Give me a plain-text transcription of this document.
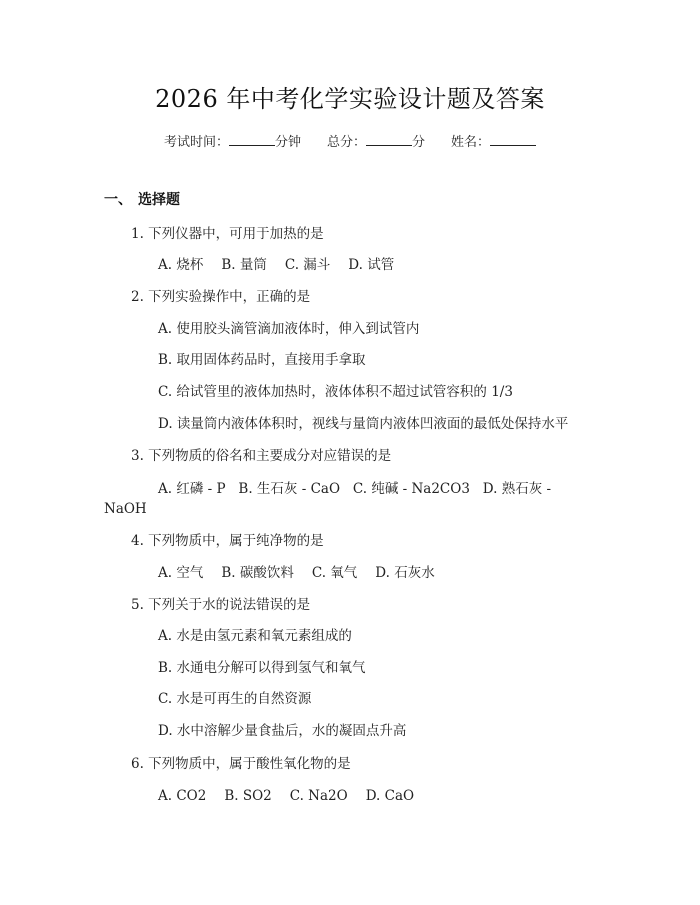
2026 年中考化学实验设计题及答案
考试时间：	分钟 总分：	分 姓名：
一、 选择题
1. 下列仪器中，可用于加热的是
A. 烧杯 B. 量筒 C. 漏斗 D. 试管
2. 下列实验操作中，正确的是
A. 使用胶头滴管滴加液体时，伸入到试管内
B. 取用固体药品时，直接用手拿取
C. 给试管里的液体加热时，液体体积不超过试管容积的 1/3
D. 读量筒内液体体积时，视线与量筒内液体凹液面的最低处保持水平
3. 下列物质的俗名和主要成分对应错误的是
A. 红磷 - P   B. 生石灰 - CaO   C. 纯碱 - Na2CO3   D. 熟石灰 -
NaOH
4. 下列物质中，属于纯净物的是
A. 空气 B. 碳酸饮料 C. 氧气 D. 石灰水
5. 下列关于水的说法错误的是
A. 水是由氢元素和氧元素组成的
B. 水通电分解可以得到氢气和氧气
C. 水是可再生的自然资源
D. 水中溶解少量食盐后，水的凝固点升高
6. 下列物质中，属于酸性氧化物的是
A. CO2 B. SO2 C. Na2O D. CaO
